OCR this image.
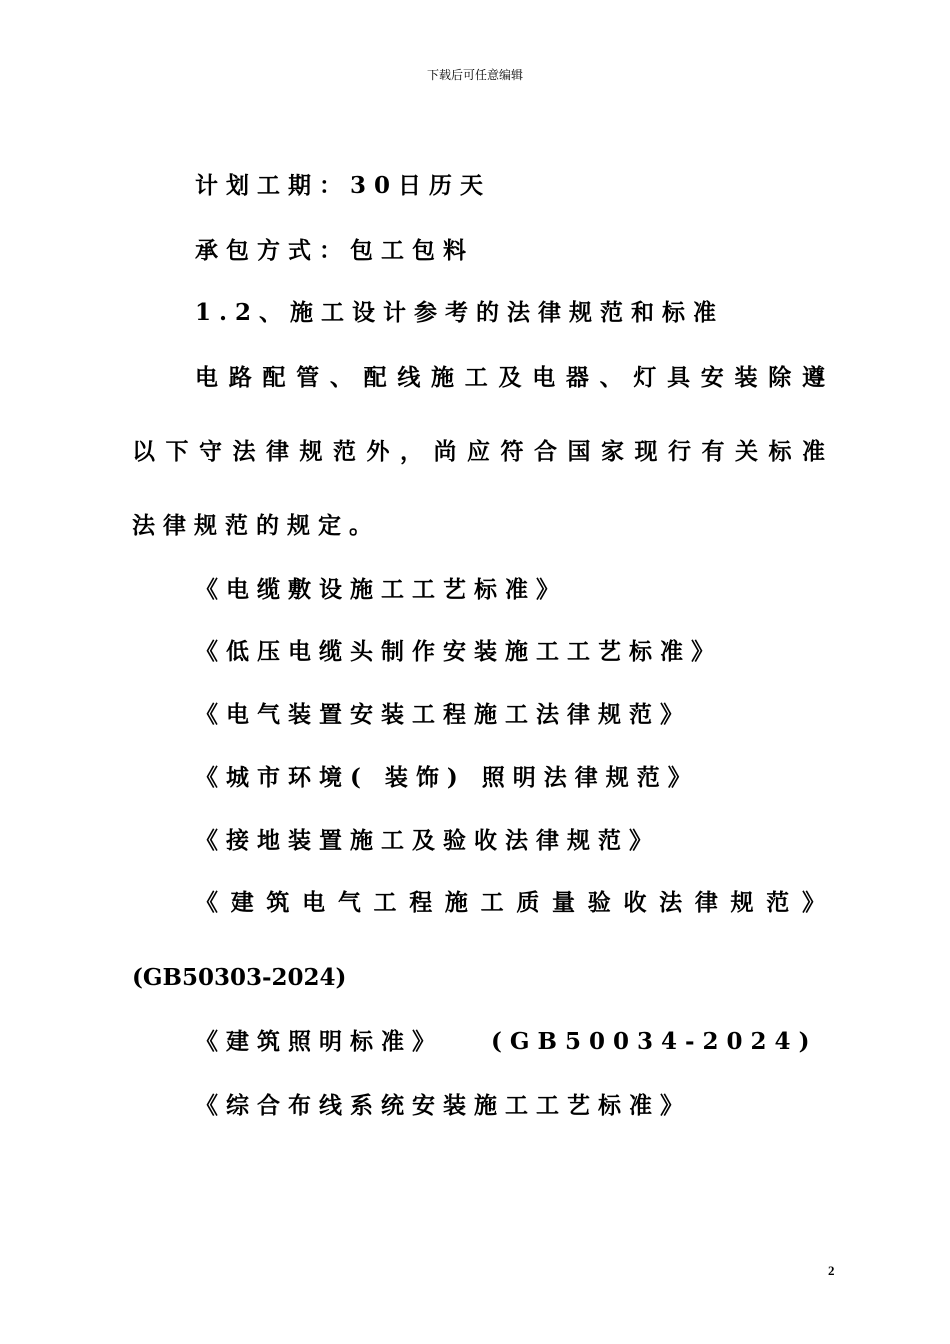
下载后可任意编辑
计划工期：30日历天
承包方式：包工包料
1.2、施工设计参考的法律规范和标准
电 路 配 管 、 配 线 施 工 及 电 器 、 灯 具 安 装 除 遵
以 下 守 法 律 规 范 外 ， 尚 应 符 合 国 家 现 行 有 关 标 准
法律规范的规定。
《电缆敷设施工工艺标准》
《低压电缆头制作安装施工工艺标准》
《电气装置安装工程施工法律规范》
《城市环境( 装饰) 照明法律规范》
《接地装置施工及验收法律规范》
《 建 筑 电 气 工 程 施 工 质 量 验 收 法 律 规 范 》
(GB50303-2024)
《建筑照明标准》   (GB50034-2024)
《综合布线系统安装施工工艺标准》
2
